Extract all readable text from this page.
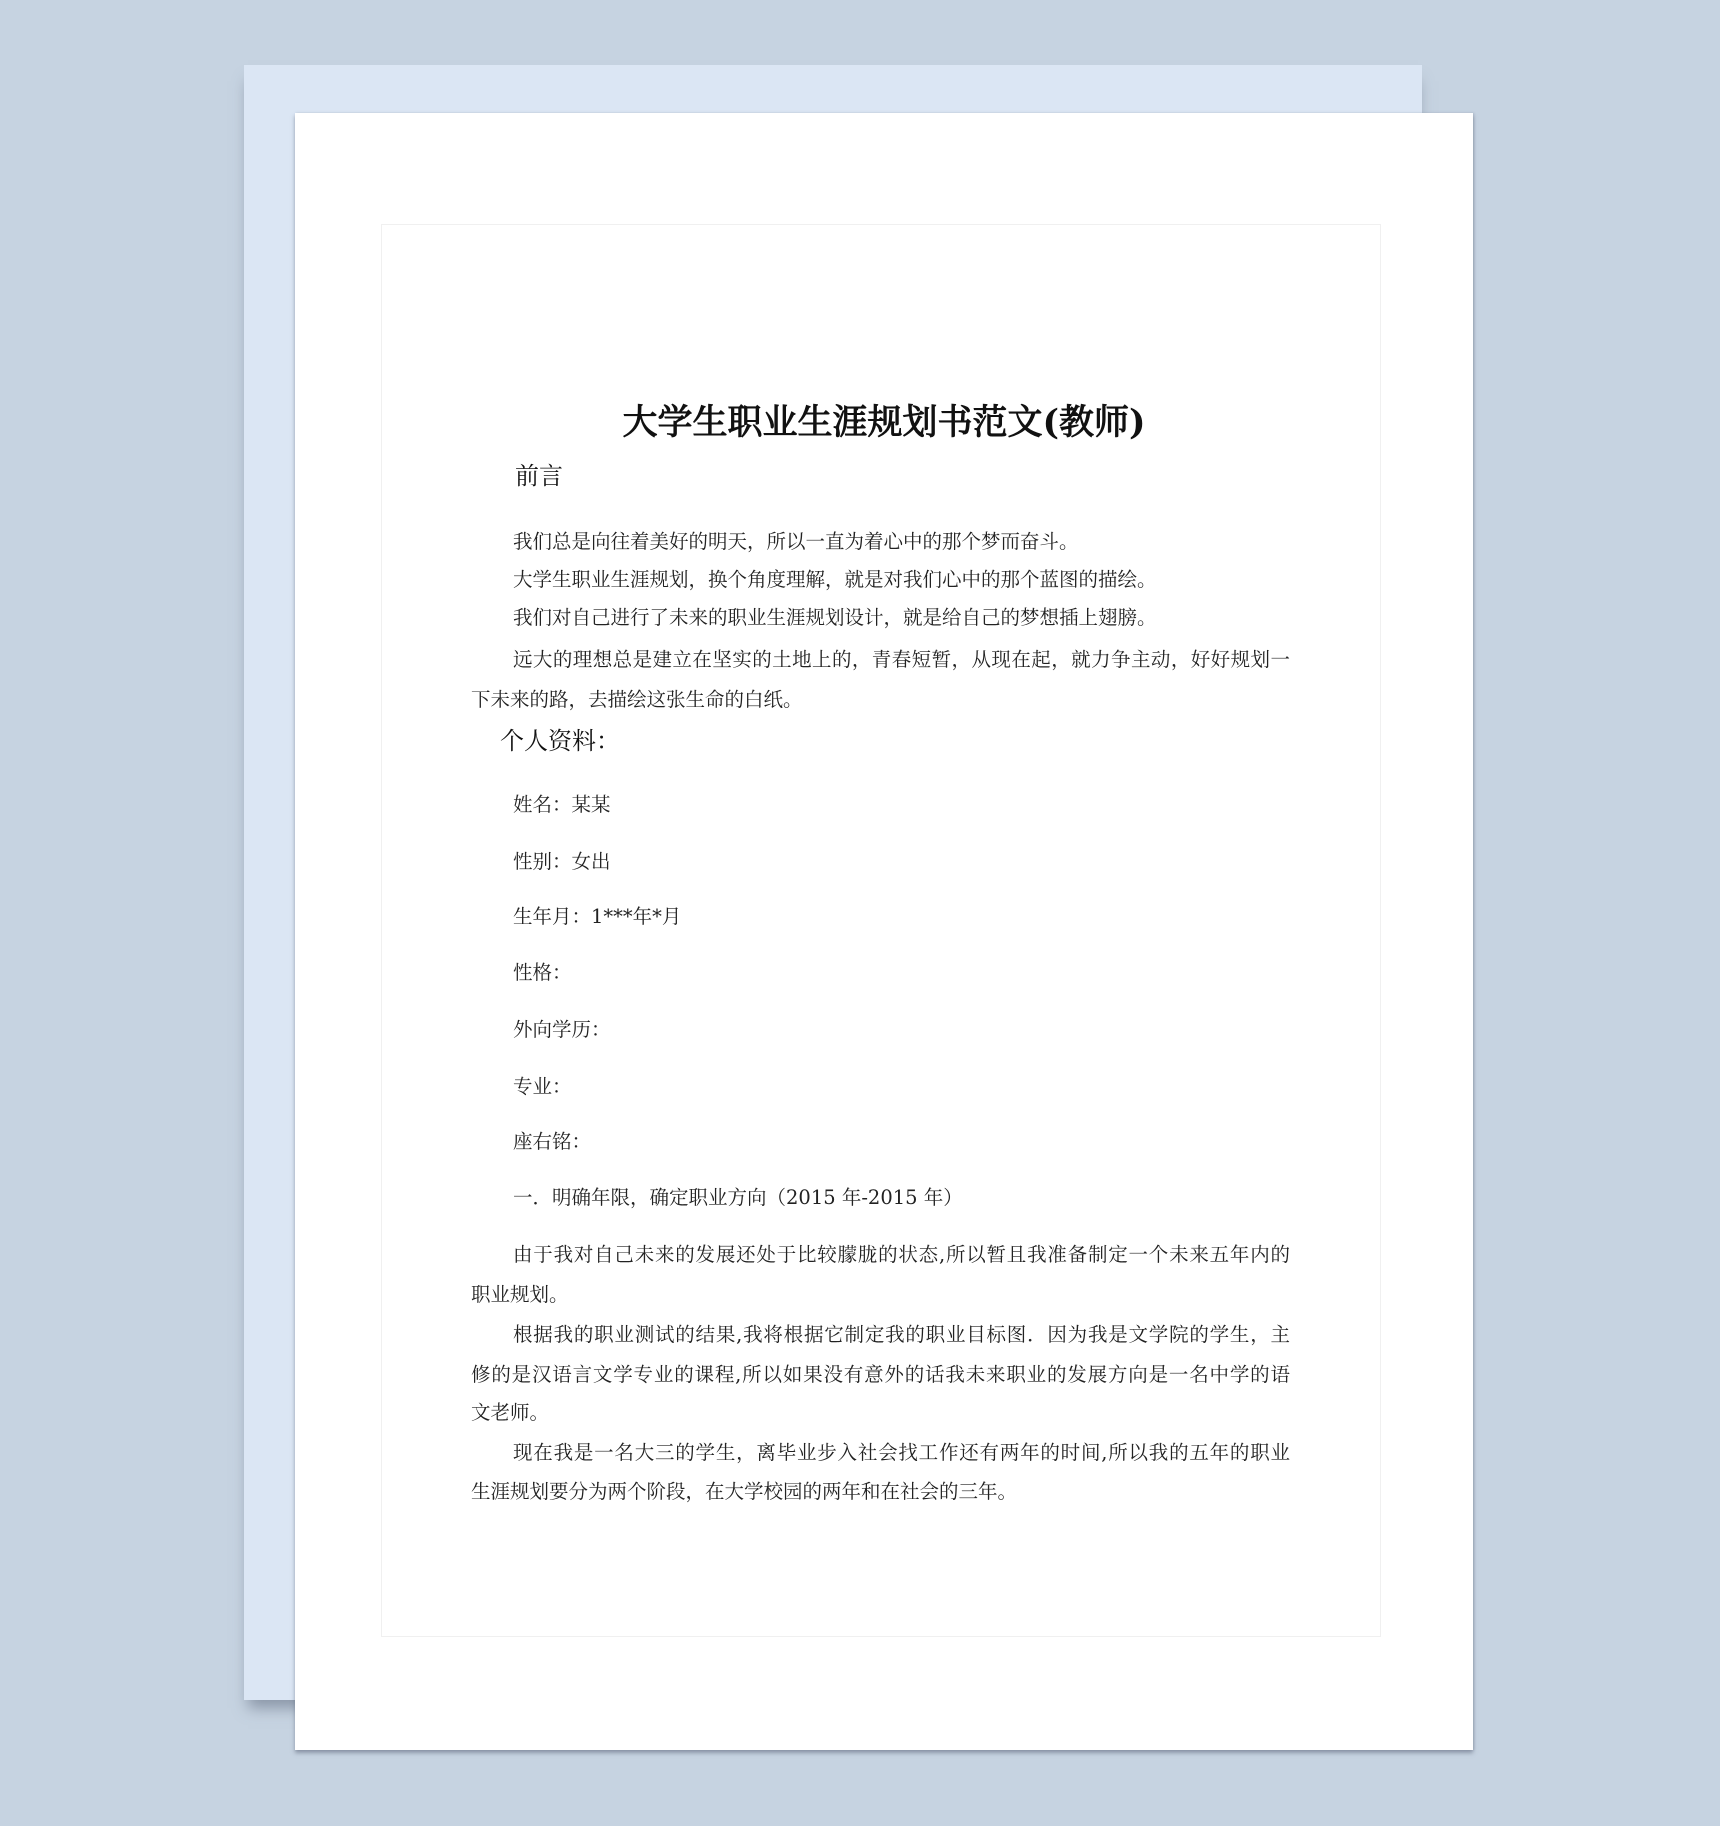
大学生职业生涯规划书范文(教师)
前言
我们总是向往着美好的明天，所以一直为着心中的那个梦而奋斗。
大学生职业生涯规划，换个角度理解，就是对我们心中的那个蓝图的描绘。
我们对自己进行了未来的职业生涯规划设计，就是给自己的梦想插上翅膀。
远大的理想总是建立在坚实的土地上的，青春短暂，从现在起，就力争主动，好好规划一
下未来的路，去描绘这张生命的白纸。
个人资料：
姓名：某某
性别：女出
生年月：1***年*月
性格：
外向学历：
专业：
座右铭：
一．明确年限，确定职业方向（2015 年-2015 年）
由于我对自己未来的发展还处于比较朦胧的状态,所以暂且我准备制定一个未来五年内的
职业规划。
根据我的职业测试的结果,我将根据它制定我的职业目标图．因为我是文学院的学生，主
修的是汉语言文学专业的课程,所以如果没有意外的话我未来职业的发展方向是一名中学的语
文老师。
现在我是一名大三的学生，离毕业步入社会找工作还有两年的时间,所以我的五年的职业
生涯规划要分为两个阶段，在大学校园的两年和在社会的三年。
